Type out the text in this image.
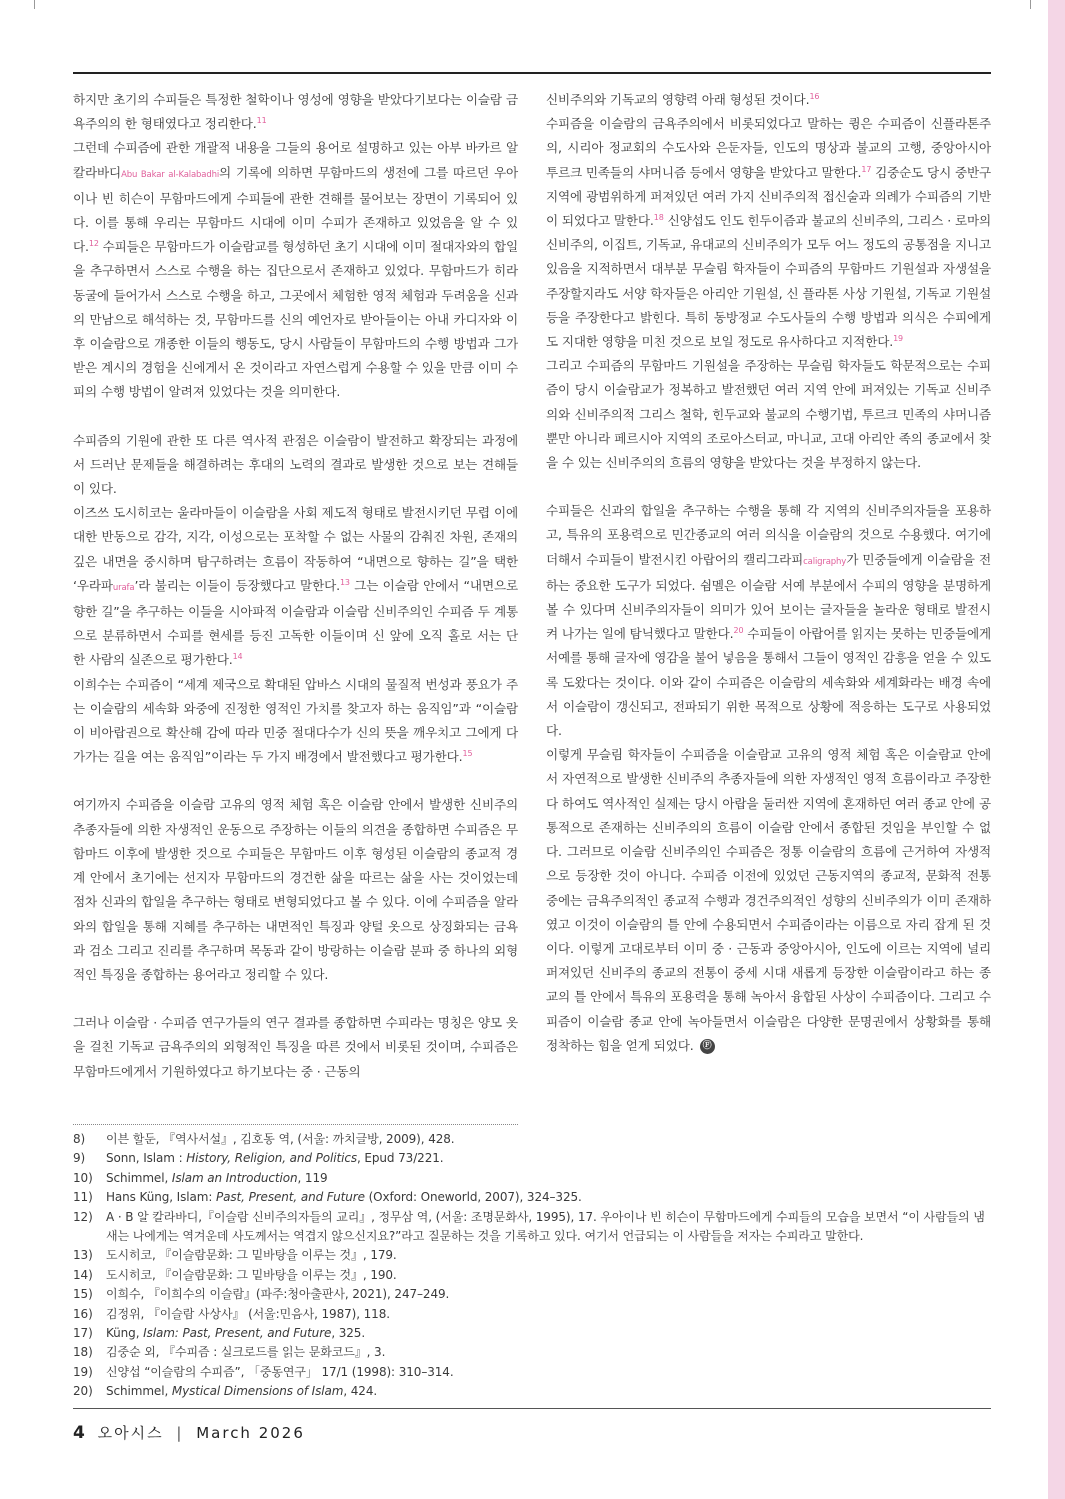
하지만 초기의 수피들은 특정한 철학이나 영성에 영향을 받았다기보다는 이슬람 금욕주의의 한 형태였다고 정리한다.$^{11}$

그런데 수피즘에 관한 개괄적 내용을 그들의 용어로 설명하고 있는 아부 바카르 알 칼라바디Abu Bakar al-Kalabadhi의 기록에 의하면 무함마드의 생전에 그를 따르던 우아이나 빈 히슨이 무함마드에게 수피들에 관한 견해를 물어보는 장면이 기록되어 있다. 이를 통해 우리는 무함마드 시대에 이미 수피가 존재하고 있었음을 알 수 있다.$^{12}$ 수피들은 무함마드가 이슬람교를 형성하던 초기 시대에 이미 절대자와의 합일을 추구하면서 스스로 수행을 하는 집단으로서 존재하고 있었다. 무함마드가 히라 동굴에 들어가서 스스로 수행을 하고, 그곳에서 체험한 영적 체험과 두려움을 신과의 만남으로 해석하는 것, 무함마드를 신의 예언자로 받아들이는 아내 카디자와 이후 이슬람으로 개종한 이들의 행동도, 당시 사람들이 무함마드의 수행 방법과 그가 받은 계시의 경험을 신에게서 온 것이라고 자연스럽게 수용할 수 있을 만큼 이미 수피의 수행 방법이 알려져 있었다는 것을 의미한다.

수피즘의 기원에 관한 또 다른 역사적 관점은 이슬람이 발전하고 확장되는 과정에서 드러난 문제들을 해결하려는 후대의 노력의 결과로 발생한 것으로 보는 견해들이 있다.

이즈쓰 도시히코는 울라마들이 이슬람을 사회 제도적 형태로 발전시키던 무렵 이에 대한 반동으로 감각, 지각, 이성으로는 포착할 수 없는 사물의 감춰진 차원, 존재의 깊은 내면을 중시하며 탐구하려는 흐름이 작동하여 “내면으로 향하는 길”을 택한 ‘우라파urafa’라 불리는 이들이 등장했다고 말한다.$^{13}$ 그는 이슬람 안에서 “내면으로 향한 길”을 추구하는 이들을 시아파적 이슬람과 이슬람 신비주의인 수피즘 두 계통으로 분류하면서 수피를 현세를 등진 고독한 이들이며 신 앞에 오직 홀로 서는 단 한 사람의 실존으로 평가한다.$^{14}$

이희수는 수피즘이 “세계 제국으로 확대된 압바스 시대의 물질적 번성과 풍요가 주는 이슬람의 세속화 와중에 진정한 영적인 가치를 찾고자 하는 움직임”과 “이슬람이 비아랍권으로 확산해 감에 따라 민중 절대다수가 신의 뜻을 깨우치고 그에게 다가가는 길을 여는 움직임”이라는 두 가지 배경에서 발전했다고 평가한다.$^{15}$

여기까지 수피즘을 이슬람 고유의 영적 체험 혹은 이슬람 안에서 발생한 신비주의 추종자들에 의한 자생적인 운동으로 주장하는 이들의 의견을 종합하면 수피즘은 무함마드 이후에 발생한 것으로 수피들은 무함마드 이후 형성된 이슬람의 종교적 경계 안에서 초기에는 선지자 무함마드의 경건한 삶을 따르는 삶을 사는 것이었는데 점차 신과의 합일을 추구하는 형태로 변형되었다고 볼 수 있다. 이에 수피즘을 알라와의 합일을 통해 지혜를 추구하는 내면적인 특징과 양털 옷으로 상징화되는 금욕과 검소 그리고 진리를 추구하며 목동과 같이 방랑하는 이슬람 분파 중 하나의 외형적인 특징을 종합하는 용어라고 정리할 수 있다.

그러나 이슬람 · 수피즘 연구가들의 연구 결과를 종합하면 수피라는 명칭은 양모 옷을 걸친 기독교 금욕주의의 외형적인 특징을 따른 것에서 비롯된 것이며, 수피즘은 무함마드에게서 기원하였다고 하기보다는 중 · 근동의

신비주의와 기독교의 영향력 아래 형성된 것이다.$^{16}$

수피즘을 이슬람의 금욕주의에서 비롯되었다고 말하는 큉은 수피즘이 신플라톤주의, 시리아 정교회의 수도사와 은둔자들, 인도의 명상과 불교의 고행, 중앙아시아 투르크 민족들의 샤머니즘 등에서 영향을 받았다고 말한다.$^{17}$ 김중순도 당시 중반구 지역에 광범위하게 퍼져있던 여러 가지 신비주의적 접신술과 의례가 수피즘의 기반이 되었다고 말한다.$^{18}$ 신양섭도 인도 힌두이즘과 불교의 신비주의, 그리스 · 로마의 신비주의, 이집트, 기독교, 유대교의 신비주의가 모두 어느 정도의 공통점을 지니고 있음을 지적하면서 대부분 무슬림 학자들이 수피즘의 무함마드 기원설과 자생설을 주장할지라도 서양 학자들은 아리안 기원설, 신 플라톤 사상 기원설, 기독교 기원설 등을 주장한다고 밝힌다. 특히 동방정교 수도사들의 수행 방법과 의식은 수피에게도 지대한 영향을 미친 것으로 보일 정도로 유사하다고 지적한다.$^{19}$

그리고 수피즘의 무함마드 기원설을 주장하는 무슬림 학자들도 학문적으로는 수피즘이 당시 이슬람교가 정복하고 발전했던 여러 지역 안에 퍼져있는 기독교 신비주의와 신비주의적 그리스 철학, 힌두교와 불교의 수행기법, 투르크 민족의 샤머니즘 뿐만 아니라 페르시아 지역의 조로아스터교, 마니교, 고대 아리안 족의 종교에서 찾을 수 있는 신비주의의 흐름의 영향을 받았다는 것을 부정하지 않는다.

수피들은 신과의 합일을 추구하는 수행을 통해 각 지역의 신비주의자들을 포용하고, 특유의 포용력으로 민간종교의 여러 의식을 이슬람의 것으로 수용했다. 여기에 더해서 수피들이 발전시킨 아랍어의 캘리그라피caligraphy가 민중들에게 이슬람을 전하는 중요한 도구가 되었다. 쉼멜은 이슬람 서예 부분에서 수피의 영향을 분명하게 볼 수 있다며 신비주의자들이 의미가 있어 보이는 글자들을 놀라운 형태로 발전시켜 나가는 일에 탐닉했다고 말한다.$^{20}$ 수피들이 아랍어를 읽지는 못하는 민중들에게 서예를 통해 글자에 영감을 불어 넣음을 통해서 그들이 영적인 감흥을 얻을 수 있도록 도왔다는 것이다. 이와 같이 수피즘은 이슬람의 세속화와 세계화라는 배경 속에서 이슬람이 갱신되고, 전파되기 위한 목적으로 상황에 적응하는 도구로 사용되었다.

이렇게 무슬림 학자들이 수피즘을 이슬람교 고유의 영적 체험 혹은 이슬람교 안에서 자연적으로 발생한 신비주의 추종자들에 의한 자생적인 영적 흐름이라고 주장한다 하여도 역사적인 실제는 당시 아랍을 둘러싼 지역에 혼재하던 여러 종교 안에 공통적으로 존재하는 신비주의의 흐름이 이슬람 안에서 종합된 것임을 부인할 수 없다. 그러므로 이슬람 신비주의인 수피즘은 정통 이슬람의 흐름에 근거하여 자생적으로 등장한 것이 아니다. 수피즘 이전에 있었던 근동지역의 종교적, 문화적 전통 중에는 금욕주의적인 종교적 수행과 경건주의적인 성향의 신비주의가 이미 존재하였고 이것이 이슬람의 틀 안에 수용되면서 수피즘이라는 이름으로 자리 잡게 된 것이다. 이렇게 고대로부터 이미 중 · 근동과 중앙아시아, 인도에 이르는 지역에 널리 퍼져있던 신비주의 종교의 전통이 중세 시대 새롭게 등장한 이슬람이라고 하는 종교의 틀 안에서 특유의 포용력을 통해 녹아서 융합된 사상이 수피즘이다. 그리고 수피즘이 이슬람 종교 안에 녹아들면서 이슬람은 다양한 문명권에서 상황화를 통해 정착하는 힘을 얻게 되었다. Ⓕ

8) 이븐 할둔, 『역사서설』, 김호동 역, (서울: 까치글방, 2009), 428.
9) Sonn, Islam : History, Religion, and Politics, Epud 73/221.
10) Schimmel, Islam an Introduction, 119
11) Hans Küng, Islam: Past, Present, and Future (Oxford: Oneworld, 2007), 324–325.
12) A · B 알 칼라바디,『이슬람 신비주의자들의 교리』, 정무삼 역, (서울: 조명문화사, 1995), 17. 우아이나 빈 히슨이 무함마드에게 수피들의 모습을 보면서 “이 사람들의 냄새는 나에게는 역겨운데 사도께서는 역겹지 않으신지요?”라고 질문하는 것을 기록하고 있다. 여기서 언급되는 이 사람들을 저자는 수피라고 말한다.
13) 도시히코, 『이슬람문화: 그 밑바탕을 이루는 것』, 179.
14) 도시히코, 『이슬람문화: 그 밑바탕을 이루는 것』, 190.
15) 이희수, 『이희수의 이슬람』(파주:청아출판사, 2021), 247–249.
16) 김정위, 『이슬람 사상사』 (서울:민음사, 1987), 118.
17) Küng, Islam: Past, Present, and Future, 325.
18) 김중순 외, 『수피즘 : 실크로드를 읽는 문화코드』, 3.
19) 신양섭 “이슬람의 수피즘”, 「중동연구」 17/1 (1998): 310–314.
20) Schimmel, Mystical Dimensions of Islam, 424.
4 오아시스 | March 2026
